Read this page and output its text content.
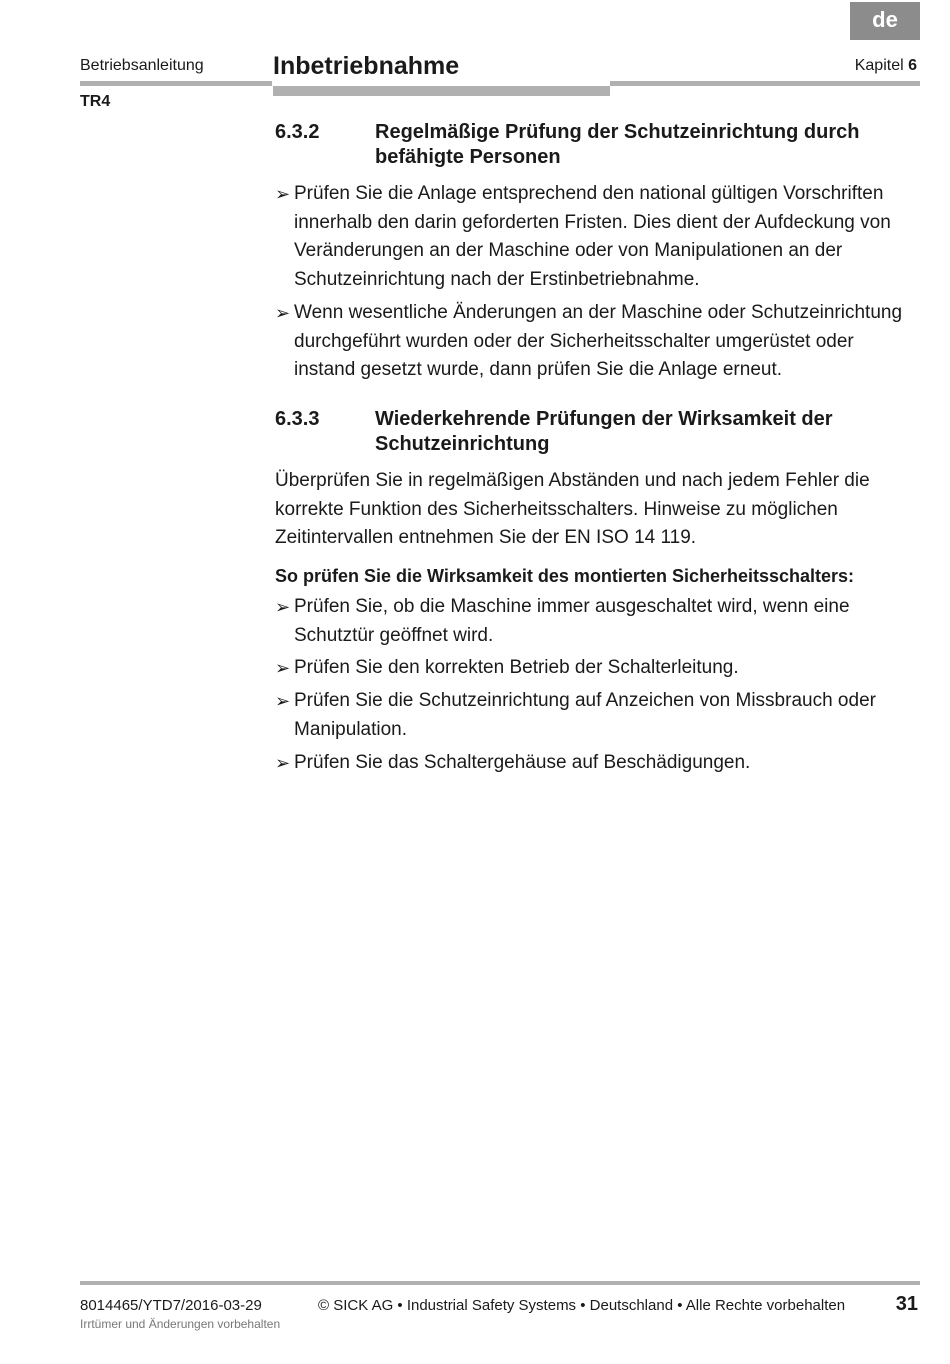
de
Betriebsanleitung	Inbetriebnahme	Kapitel 6
TR4
6.3.2	Regelmäßige Prüfung der Schutzeinrichtung durch befähigte Personen
➢ Prüfen Sie die Anlage entsprechend den national gültigen Vorschriften innerhalb den darin geforderten Fristen. Dies dient der Aufdeckung von Veränderungen an der Maschine oder von Manipulationen an der Schutzeinrichtung nach der Erstinbetriebnahme.
➢ Wenn wesentliche Änderungen an der Maschine oder Schutzeinrichtung durchgeführt wurden oder der Sicherheitsschalter umgerüstet oder instand gesetzt wurde, dann prüfen Sie die Anlage erneut.
6.3.3	Wiederkehrende Prüfungen der Wirksamkeit der Schutzeinrichtung

Überprüfen Sie in regelmäßigen Abständen und nach jedem Fehler die korrekte Funktion des Sicherheitsschalters. Hinweise zu möglichen Zeitintervallen entnehmen Sie der EN ISO 14 119.

So prüfen Sie die Wirksamkeit des montierten Sicherheitsschalters:

➢ Prüfen Sie, ob die Maschine immer ausgeschaltet wird, wenn eine Schutztür geöffnet wird.
➢ Prüfen Sie den korrekten Betrieb der Schalterleitung.
➢ Prüfen Sie die Schutzeinrichtung auf Anzeichen von Missbrauch oder Manipulation.
➢ Prüfen Sie das Schaltergehäuse auf Beschädigungen.
8014465/YTD7/2016-03-29	© SICK AG • Industrial Safety Systems • Deutschland • Alle Rechte vorbehalten	31
Irrtümer und Änderungen vorbehalten
